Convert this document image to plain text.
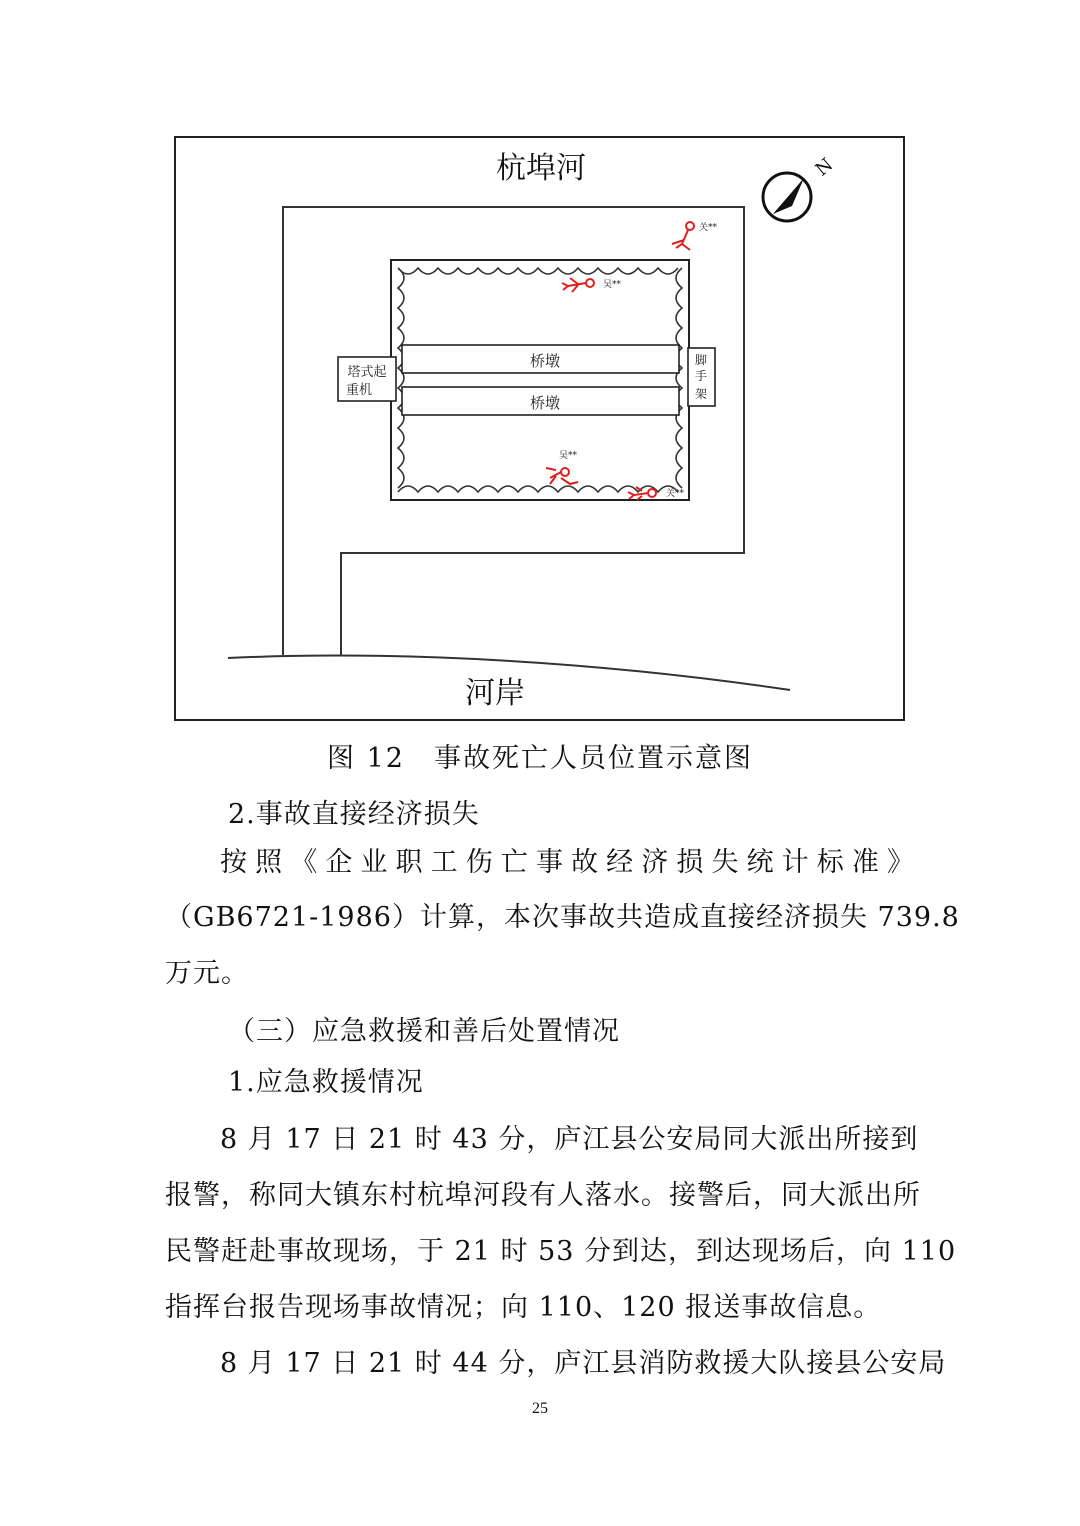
桥墩
桥墩
塔式起
重机
脚
手
架
杭埠河
河岸
N
关**
吴**
吴**
关**
图 12　事故死亡人员位置示意图
2.事故直接经济损失
按照《企业职工伤亡事故经济损失统计标准》
（GB6721-1986）计算，本次事故共造成直接经济损失 739.8
万元。
（三）应急救援和善后处置情况
1.应急救援情况
8 月 17 日 21 时 43 分，庐江县公安局同大派出所接到
报警，称同大镇东村杭埠河段有人落水。接警后，同大派出所
民警赶赴事故现场，于 21 时 53 分到达，到达现场后，向 110
指挥台报告现场事故情况；向 110、120 报送事故信息。
8 月 17 日 21 时 44 分，庐江县消防救援大队接县公安局
25
